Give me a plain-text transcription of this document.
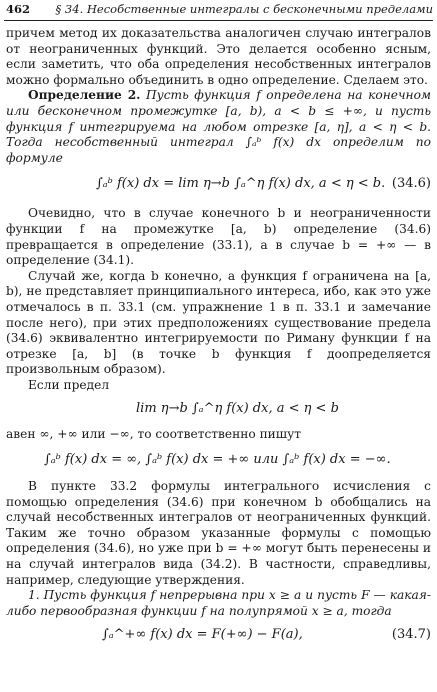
462 § 34. Несобственные интегралы с бесконечными пределами

причем метод их доказательства аналогичен случаю интегралов от неограниченных функций. Это делается особенно ясным, если заметить, что оба определения несобственных интегралов можно формально объединить в одно определение. Сделаем это.

Определение 2. Пусть функция f определена на конечном или бесконечном промежутке [a, b), a < b ≤ +∞, и пусть функция f интегрируема на любом отрезке [a, η], a < η < b. Тогда несобственный интеграл ∫ₐᵇ f(x) dx определим по формуле

∫ₐᵇ f(x) dx = lim η→b ∫ₐ^η f(x) dx, a < η < b. (34.6)

Очевидно, что в случае конечного b и неограниченности функции f на промежутке [a, b) определение (34.6) превращается в определение (33.1), а в случае b = +∞ — в определение (34.1).

Случай же, когда b конечно, а функция f ограничена на [a, b), не представляет принципиального интереса, ибо, как это уже отмечалось в п. 33.1 (см. упражнение 1 в п. 33.1 и замечание после него), при этих предположениях существование предела (34.6) эквивалентно интегрируемости по Риману функции f на отрезке [a, b] (в точке b функция f доопределяется произвольным образом).

Если предел

lim η→b ∫ₐ^η f(x) dx, a < η < b

авен ∞, +∞ или −∞, то соответственно пишут

∫ₐᵇ f(x) dx = ∞, ∫ₐᵇ f(x) dx = +∞ или ∫ₐᵇ f(x) dx = −∞.

В пункте 33.2 формулы интегрального исчисления с помощью определения (34.6) при конечном b обобщались на случай несобственных интегралов от неограниченных функций. Таким же точно образом указанные формулы с помощью определения (34.6), но уже при b = +∞ могут быть перенесены и на случай интегралов вида (34.2). В частности, справедливы, например, следующие утверждения.

1. Пусть функция f непрерывна при x ≥ a и пусть F — какая-либо первообразная функции f на полупрямой x ≥ a, тогда

∫ₐ^+∞ f(x) dx = F(+∞) − F(a),	(34.7)
